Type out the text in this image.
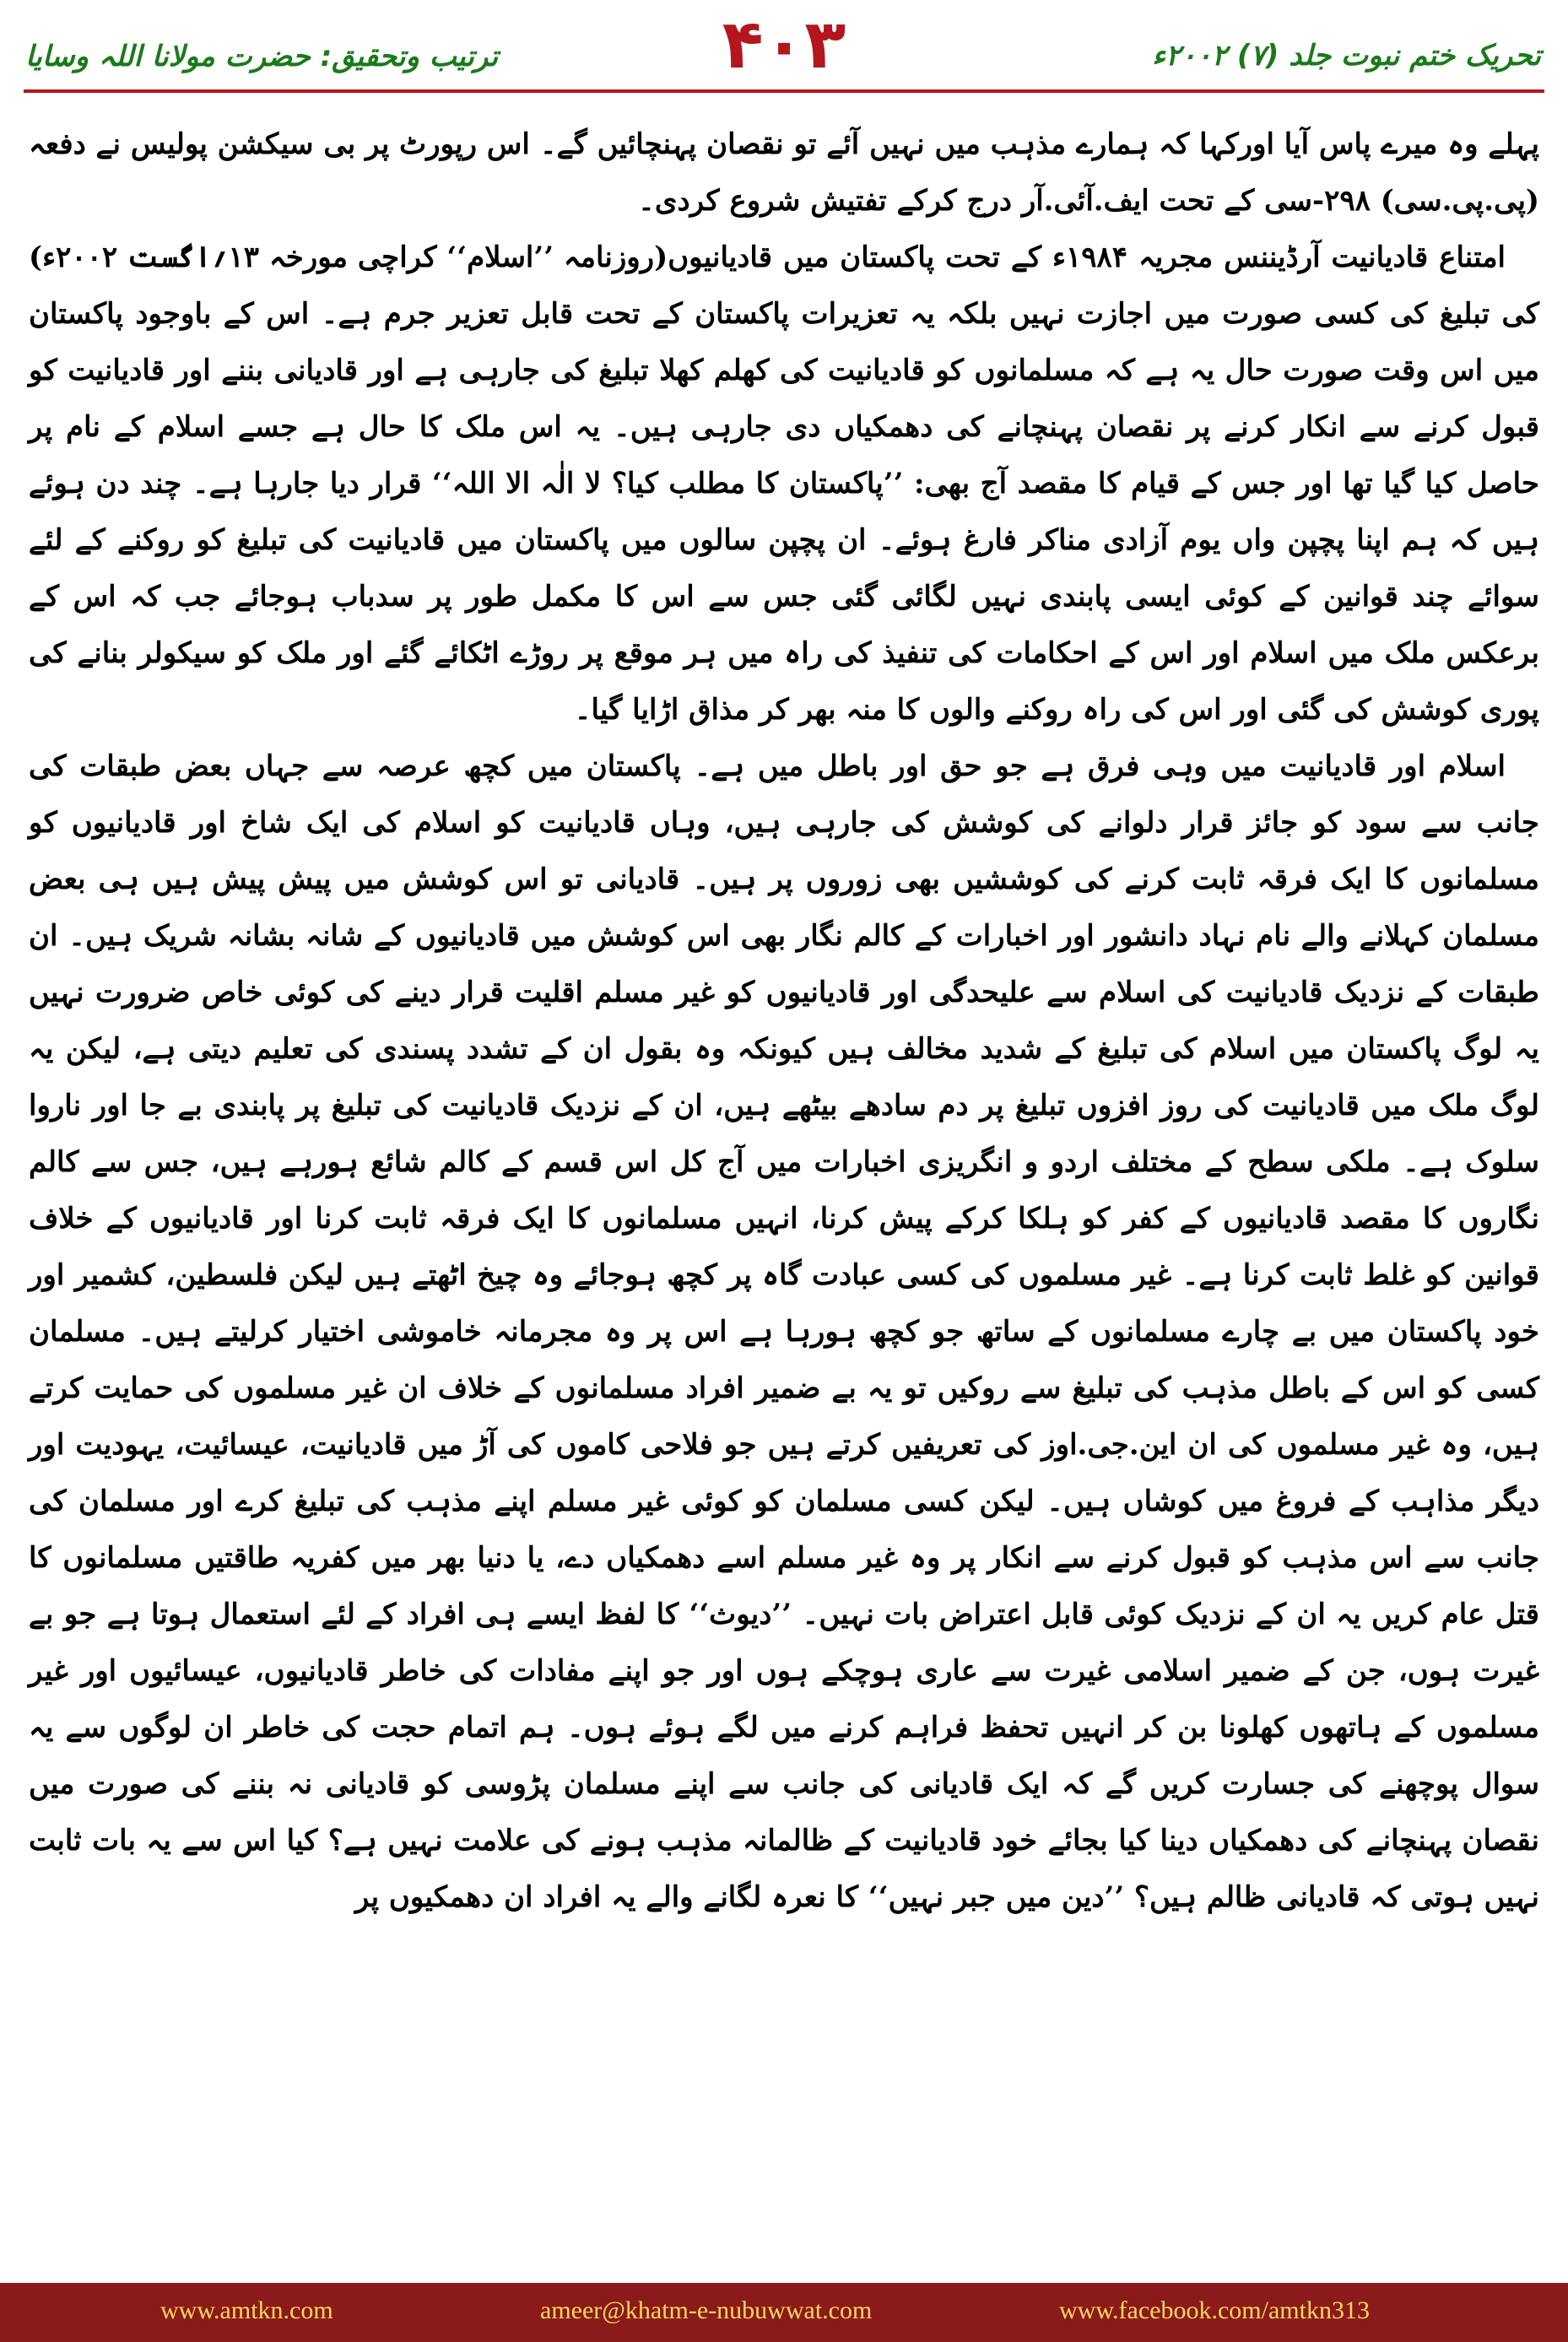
ترتیب وتحقیق: حضرت مولانا اللہ وسایا	۴۰۳	تحریک ختم نبوت جلد (۷) ۲۰۰۲ء

پہلے وہ میرے پاس آیا اورکہا کہ ہمارے مذہب میں نہیں آئے تو نقصان پہنچائیں گے۔ اس رپورٹ پر بی سیکشن پولیس نے دفعہ (پی.پی.سی) ۲۹۸-سی کے تحت ایف.آئی.آر درج کرکے تفتیش شروع کردی۔
(روزنامہ ’’اسلام‘‘ کراچی مورخہ ۱۳؍اگست ۲۰۰۲ء) امتناع قادیانیت آرڈیننس مجریہ ۱۹۸۴ء کے تحت پاکستان میں قادیانیوں کی تبلیغ کی کسی صورت میں اجازت نہیں بلکہ یہ تعزیرات پاکستان کے تحت قابل تعزیر جرم ہے۔ اس کے باوجود پاکستان میں اس وقت صورت حال یہ ہے کہ مسلمانوں کو قادیانیت کی کھلم کھلا تبلیغ کی جارہی ہے اور قادیانی بننے اور قادیانیت کو قبول کرنے سے انکار کرنے پر نقصان پہنچانے کی دھمکیاں دی جارہی ہیں۔ یہ اس ملک کا حال ہے جسے اسلام کے نام پر حاصل کیا گیا تھا اور جس کے قیام کا مقصد آج بھی: ’’پاکستان کا مطلب کیا؟ لا الٰہ الا اللہ‘‘ قرار دیا جارہا ہے۔ چند دن ہوئے ہیں کہ ہم اپنا پچپن واں یوم آزادی مناکر فارغ ہوئے۔ ان پچپن سالوں میں پاکستان میں قادیانیت کی تبلیغ کو روکنے کے لئے سوائے چند قوانین کے کوئی ایسی پابندی نہیں لگائی گئی جس سے اس کا مکمل طور پر سدباب ہوجائے جب کہ اس کے برعکس ملک میں اسلام اور اس کے احکامات کی تنفیذ کی راہ میں ہر موقع پر روڑے اٹکائے گئے اور ملک کو سیکولر بنانے کی پوری کوشش کی گئی اور اس کی راہ روکنے والوں کا منہ بھر کر مذاق اڑایا گیا۔

اسلام اور قادیانیت میں وہی فرق ہے جو حق اور باطل میں ہے۔ پاکستان میں کچھ عرصہ سے جہاں بعض طبقات کی جانب سے سود کو جائز قرار دلوانے کی کوشش کی جارہی ہیں، وہاں قادیانیت کو اسلام کی ایک شاخ اور قادیانیوں کو مسلمانوں کا ایک فرقہ ثابت کرنے کی کوششیں بھی زوروں پر ہیں۔ قادیانی تو اس کوشش میں پیش پیش ہیں ہی بعض مسلمان کہلانے والے نام نہاد دانشور اور اخبارات کے کالم نگار بھی اس کوشش میں قادیانیوں کے شانہ بشانہ شریک ہیں۔ ان طبقات کے نزدیک قادیانیت کی اسلام سے علیحدگی اور قادیانیوں کو غیر مسلم اقلیت قرار دینے کی کوئی خاص ضرورت نہیں یہ لوگ پاکستان میں اسلام کی تبلیغ کے شدید مخالف ہیں کیونکہ وہ بقول ان کے تشدد پسندی کی تعلیم دیتی ہے، لیکن یہ لوگ ملک میں قادیانیت کی روز افزوں تبلیغ پر دم سادھے بیٹھے ہیں، ان کے نزدیک قادیانیت کی تبلیغ پر پابندی بے جا اور ناروا سلوک ہے۔ ملکی سطح کے مختلف اردو و انگریزی اخبارات میں آج کل اس قسم کے کالم شائع ہورہے ہیں، جس سے کالم نگاروں کا مقصد قادیانیوں کے کفر کو ہلکا کرکے پیش کرنا، انہیں مسلمانوں کا ایک فرقہ ثابت کرنا اور قادیانیوں کے خلاف قوانین کو غلط ثابت کرنا ہے۔ غیر مسلموں کی کسی عبادت گاہ پر کچھ ہوجائے وہ چیخ اٹھتے ہیں لیکن فلسطین، کشمیر اور خود پاکستان میں بے چارے مسلمانوں کے ساتھ جو کچھ ہورہا ہے اس پر وہ مجرمانہ خاموشی اختیار کرلیتے ہیں۔ مسلمان کسی کو اس کے باطل مذہب کی تبلیغ سے روکیں تو یہ بے ضمیر افراد مسلمانوں کے خلاف ان غیر مسلموں کی حمایت کرتے ہیں، وہ غیر مسلموں کی ان این.جی.اوز کی تعریفیں کرتے ہیں جو فلاحی کاموں کی آڑ میں قادیانیت، عیسائیت، یہودیت اور دیگر مذاہب کے فروغ میں کوشاں ہیں۔ لیکن کسی مسلمان کو کوئی غیر مسلم اپنے مذہب کی تبلیغ کرے اور مسلمان کی جانب سے اس مذہب کو قبول کرنے سے انکار پر وہ غیر مسلم اسے دھمکیاں دے، یا دنیا بھر میں کفریہ طاقتیں مسلمانوں کا قتل عام کریں یہ ان کے نزدیک کوئی قابل اعتراض بات نہیں۔ ’’دیوث‘‘ کا لفظ ایسے ہی افراد کے لئے استعمال ہوتا ہے جو بے غیرت ہوں، جن کے ضمیر اسلامی غیرت سے عاری ہوچکے ہوں اور جو اپنے مفادات کی خاطر قادیانیوں، عیسائیوں اور غیر مسلموں کے ہاتھوں کھلونا بن کر انہیں تحفظ فراہم کرنے میں لگے ہوئے ہوں۔ ہم اتمام حجت کی خاطر ان لوگوں سے یہ سوال پوچھنے کی جسارت کریں گے کہ ایک قادیانی کی جانب سے اپنے مسلمان پڑوسی کو قادیانی نہ بننے کی صورت میں نقصان پہنچانے کی دھمکیاں دینا کیا بجائے خود قادیانیت کے ظالمانہ مذہب ہونے کی علامت نہیں ہے؟ کیا اس سے یہ بات ثابت نہیں ہوتی کہ قادیانی ظالم ہیں؟ ’’دین میں جبر نہیں‘‘ کا نعرہ لگانے والے یہ افراد ان دھمکیوں پر

www.amtkn.com	ameer@khatm-e-nubuwwat.com	www.facebook.com/amtkn313
